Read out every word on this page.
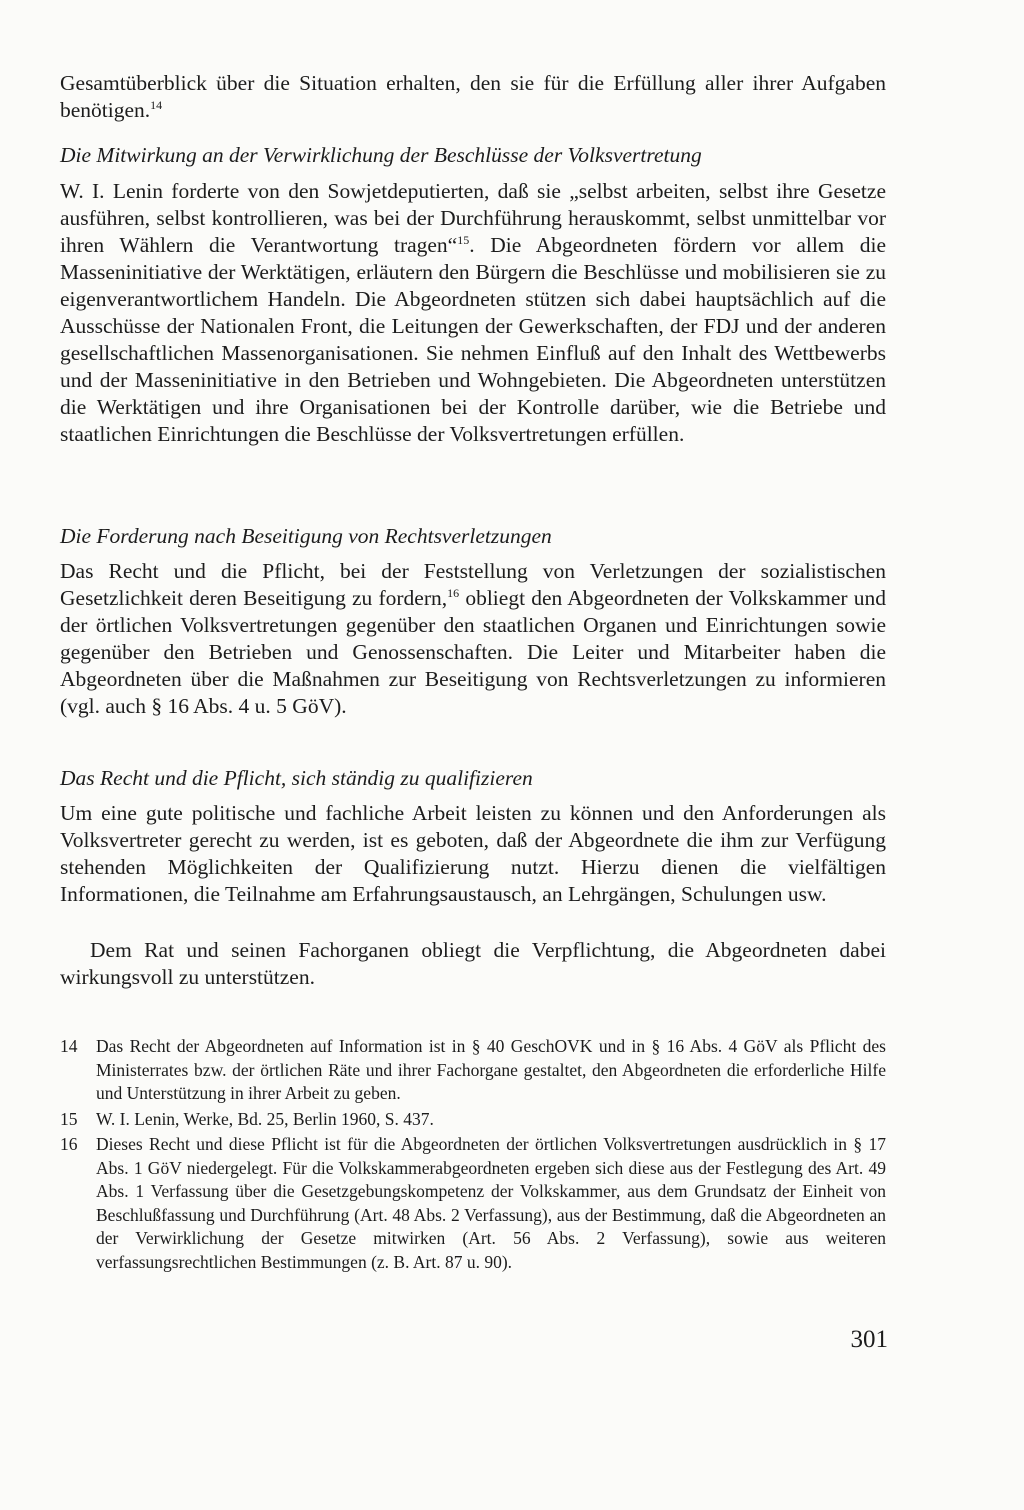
Gesamtüberblick über die Situation erhalten, den sie für die Erfüllung aller ihrer Aufgaben benötigen.$^{14}$

Die Mitwirkung an der Verwirklichung der Beschlüsse der Volksvertretung

W. I. Lenin forderte von den Sowjetdeputierten, daß sie „selbst arbeiten, selbst ihre Gesetze ausführen, selbst kontrollieren, was bei der Durchführung herauskommt, selbst unmittelbar vor ihren Wählern die Verantwortung tragen“$^{15}$. Die Abgeordneten fördern vor allem die Masseninitiative der Werktätigen, erläutern den Bürgern die Beschlüsse und mobilisieren sie zu eigenverantwortlichem Handeln. Die Abgeordneten stützen sich dabei hauptsächlich auf die Ausschüsse der Nationalen Front, die Leitungen der Gewerkschaften, der FDJ und der anderen gesellschaftlichen Massenorganisationen. Sie nehmen Einfluß auf den Inhalt des Wettbewerbs und der Masseninitiative in den Betrieben und Wohngebieten. Die Abgeordneten unterstützen die Werktätigen und ihre Organisationen bei der Kontrolle darüber, wie die Betriebe und staatlichen Einrichtungen die Beschlüsse der Volksvertretungen erfüllen.

Die Forderung nach Beseitigung von Rechtsverletzungen

Das Recht und die Pflicht, bei der Feststellung von Verletzungen der sozialistischen Gesetzlichkeit deren Beseitigung zu fordern,$^{16}$ obliegt den Abgeordneten der Volkskammer und der örtlichen Volksvertretungen gegenüber den staatlichen Organen und Einrichtungen sowie gegenüber den Betrieben und Genossenschaften. Die Leiter und Mitarbeiter haben die Abgeordneten über die Maßnahmen zur Beseitigung von Rechtsverletzungen zu informieren (vgl. auch § 16 Abs. 4 u. 5 GöV).

Das Recht und die Pflicht, sich ständig zu qualifizieren

Um eine gute politische und fachliche Arbeit leisten zu können und den Anforderungen als Volksvertreter gerecht zu werden, ist es geboten, daß der Abgeordnete die ihm zur Verfügung stehenden Möglichkeiten der Qualifizierung nutzt. Hierzu dienen die vielfältigen Informationen, die Teilnahme am Erfahrungsaustausch, an Lehrgängen, Schulungen usw.

Dem Rat und seinen Fachorganen obliegt die Verpflichtung, die Abgeordneten dabei wirkungsvoll zu unterstützen.

14	Das Recht der Abgeordneten auf Information ist in § 40 GeschOVK und in § 16 Abs. 4 GöV als Pflicht des Ministerrates bzw. der örtlichen Räte und ihrer Fachorgane gestaltet, den Abgeordneten die erforderliche Hilfe und Unterstützung in ihrer Arbeit zu geben.
15	W. I. Lenin, Werke, Bd. 25, Berlin 1960, S. 437.
16	Dieses Recht und diese Pflicht ist für die Abgeordneten der örtlichen Volksvertretungen ausdrücklich in § 17 Abs. 1 GöV niedergelegt. Für die Volkskammerabgeordneten ergeben sich diese aus der Festlegung des Art. 49 Abs. 1 Verfassung über die Gesetzgebungskompetenz der Volkskammer, aus dem Grundsatz der Einheit von Beschlußfassung und Durchführung (Art. 48 Abs. 2 Verfassung), aus der Bestimmung, daß die Abgeordneten an der Verwirklichung der Gesetze mitwirken (Art. 56 Abs. 2 Verfassung), sowie aus weiteren verfassungsrechtlichen Bestimmungen (z. B. Art. 87 u. 90).
301
